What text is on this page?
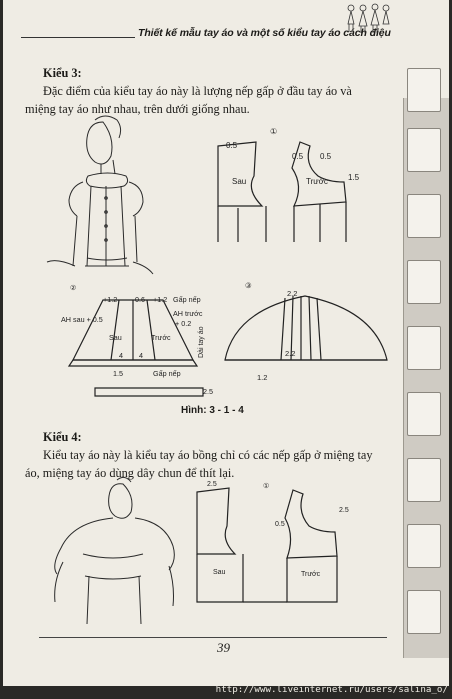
Thiết kế mẫu tay áo và một số kiểu tay áo cách điệu
Kiểu 3:
Đặc điểm của kiểu tay áo này là lượng nếp gấp ở đầu tay áo và
miệng tay áo như nhau, trên dưới giống nhau.
①
0.5
Sau
0.5 0.5
Trước	1.5
②
+1.2 0.6 +1.2 Gấp nếp
AH sau + 0.5
AH trước
+ 0.2
Sau	Trước
4 4
1.5	Gấp nếp
2.5
Dài tay áo
③
2.2
2.2
1.2
Hình: 3 - 1 - 4
Kiểu 4:
Kiểu tay áo này là kiểu tay áo bồng chỉ có các nếp gấp ở miệng tay
áo, miệng tay áo dùng dây chun để thít lại.
①
2.5
Sau	Trước
2.5
0.5
39
http://www.liveinternet.ru/users/salina_o/
